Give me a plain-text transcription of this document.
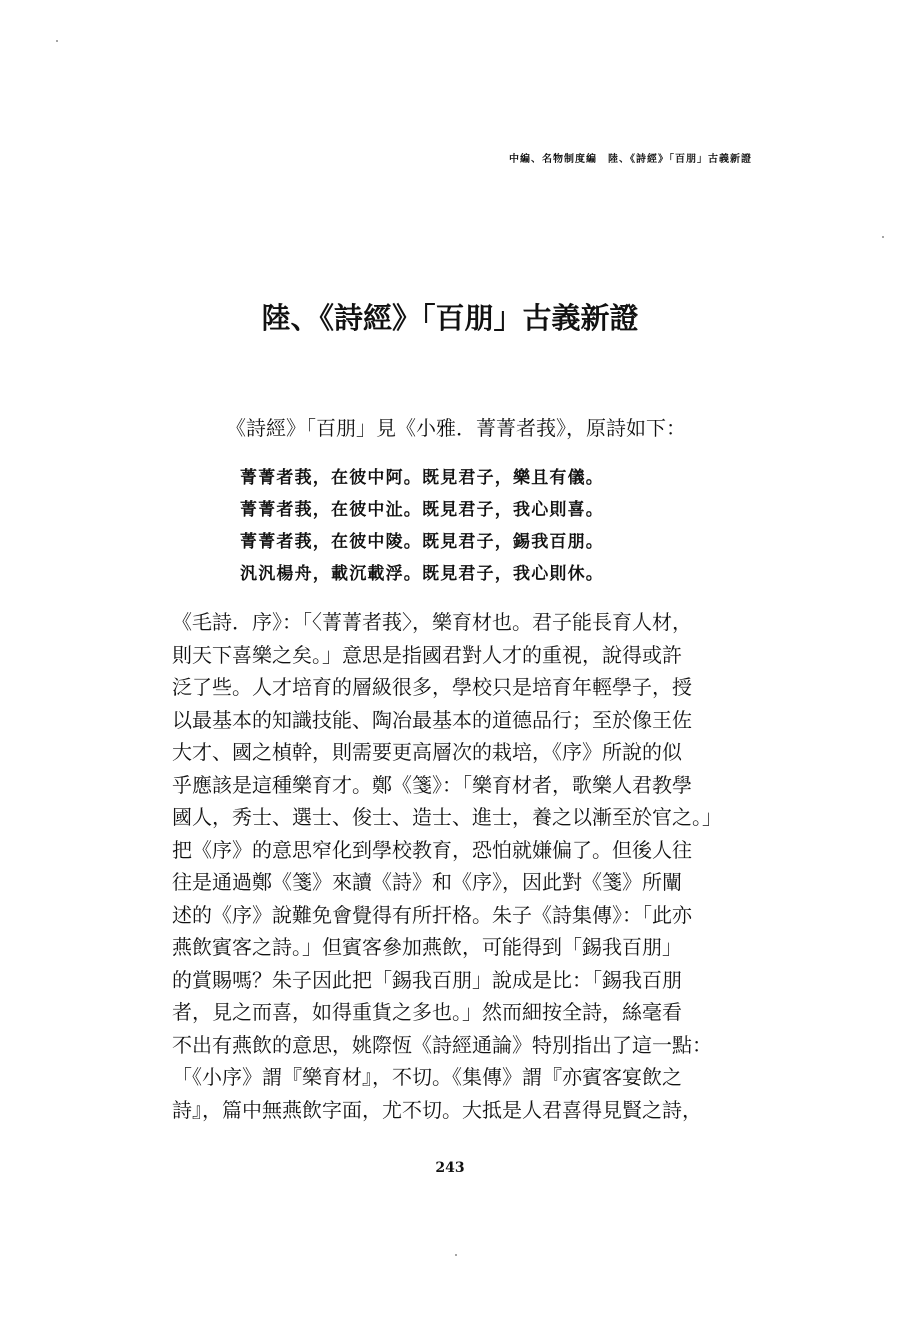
中編、名物制度編　陸、《詩經》「百朋」古義新證
陸、《詩經》「百朋」古義新證
《詩經》「百朋」見《小雅．菁菁者莪》，原詩如下：
菁菁者莪，在彼中阿。既見君子，樂且有儀。
菁菁者莪，在彼中沚。既見君子，我心則喜。
菁菁者莪，在彼中陵。既見君子，錫我百朋。
汎汎楊舟，載沉載浮。既見君子，我心則休。
《毛詩．序》：「〈菁菁者莪〉，樂育材也。君子能長育人材，
則天下喜樂之矣。」意思是指國君對人才的重視，說得或許
泛了些。人才培育的層級很多，學校只是培育年輕學子，授
以最基本的知識技能、陶冶最基本的道德品行；至於像王佐
大才、國之楨幹，則需要更高層次的栽培，《序》所說的似
乎應該是這種樂育才。鄭《箋》：「樂育材者，歌樂人君教學
國人，秀士、選士、俊士、造士、進士，養之以漸至於官之。」
把《序》的意思窄化到學校教育，恐怕就嫌偏了。但後人往
往是通過鄭《箋》來讀《詩》和《序》，因此對《箋》所闡
述的《序》說難免會覺得有所扞格。朱子《詩集傳》：「此亦
燕飲賓客之詩。」但賓客參加燕飲，可能得到「錫我百朋」
的賞賜嗎？朱子因此把「錫我百朋」說成是比：「錫我百朋
者，見之而喜，如得重貨之多也。」然而細按全詩，絲毫看
不出有燕飲的意思，姚際恆《詩經通論》特別指出了這一點：
「《小序》謂『樂育材』，不切。《集傳》謂『亦賓客宴飲之
詩』，篇中無燕飲字面，尤不切。大抵是人君喜得見賢之詩，
243
